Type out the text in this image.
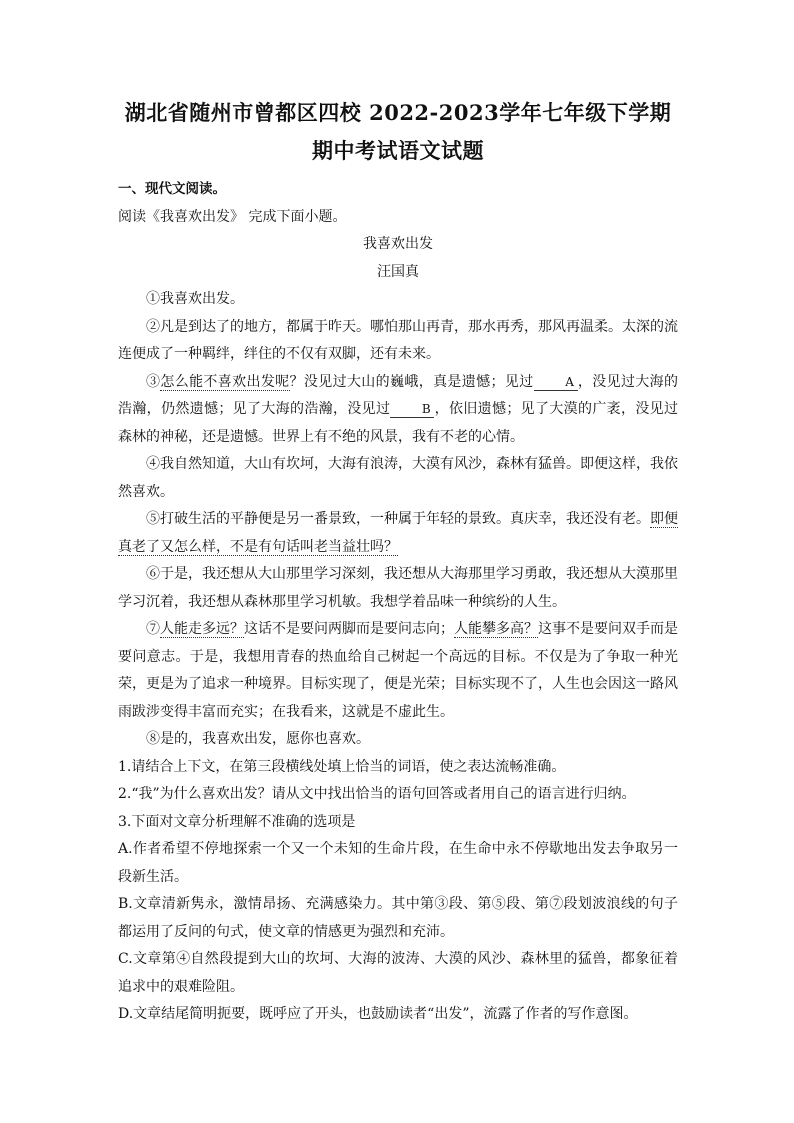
湖北省随州市曾都区四校 2022-2023学年七年级下学期
期中考试语文试题
一、现代文阅读。
阅读《我喜欢出发》 完成下面小题。
我喜欢出发
汪国真
①我喜欢出发。
②凡是到达了的地方，都属于昨天。哪怕那山再青，那水再秀，那风再温柔。太深的流连便成了一种羁绊，绊住的不仅有双脚，还有未来。
③怎么能不喜欢出发呢？没见过大山的巍峨，真是遗憾；见过	A ，没见过大海的浩瀚，仍然遗憾；见了大海的浩瀚，没见过	B ，依旧遗憾；见了大漠的广袤，没见过森林的神秘，还是遗憾。世界上有不绝的风景，我有不老的心情。
④我自然知道，大山有坎坷，大海有浪涛，大漠有风沙，森林有猛兽。即便这样，我依然喜欢。
⑤打破生活的平静便是另一番景致，一种属于年轻的景致。真庆幸，我还没有老。即便真老了又怎么样，不是有句话叫老当益壮吗？
⑥于是，我还想从大山那里学习深刻，我还想从大海那里学习勇敢，我还想从大漠那里学习沉着，我还想从森林那里学习机敏。我想学着品味一种缤纷的人生。
⑦人能走多远？这话不是要问两脚而是要问志向；人能攀多高？这事不是要问双手而是要问意志。于是，我想用青春的热血给自己树起一个高远的目标。不仅是为了争取一种光荣，更是为了追求一种境界。目标实现了，便是光荣；目标实现不了，人生也会因这一路风雨跋涉变得丰富而充实；在我看来，这就是不虚此生。
⑧是的，我喜欢出发，愿你也喜欢。
1.请结合上下文，在第三段横线处填上恰当的词语，使之表达流畅准确。
2.“我”为什么喜欢出发？请从文中找出恰当的语句回答或者用自己的语言进行归纳。
3.下面对文章分析理解不准确的选项是
A.作者希望不停地探索一个又一个未知的生命片段，在生命中永不停歇地出发去争取另一段新生活。
B.文章清新隽永，激情昂扬、充满感染力。其中第③段、第⑤段、第⑦段划波浪线的句子都运用了反问的句式，使文章的情感更为强烈和充沛。
C.文章第④自然段提到大山的坎坷、大海的波涛、大漠的风沙、森林里的猛兽，都象征着追求中的艰难险阻。
D.文章结尾简明扼要，既呼应了开头，也鼓励读者“出发”，流露了作者的写作意图。
